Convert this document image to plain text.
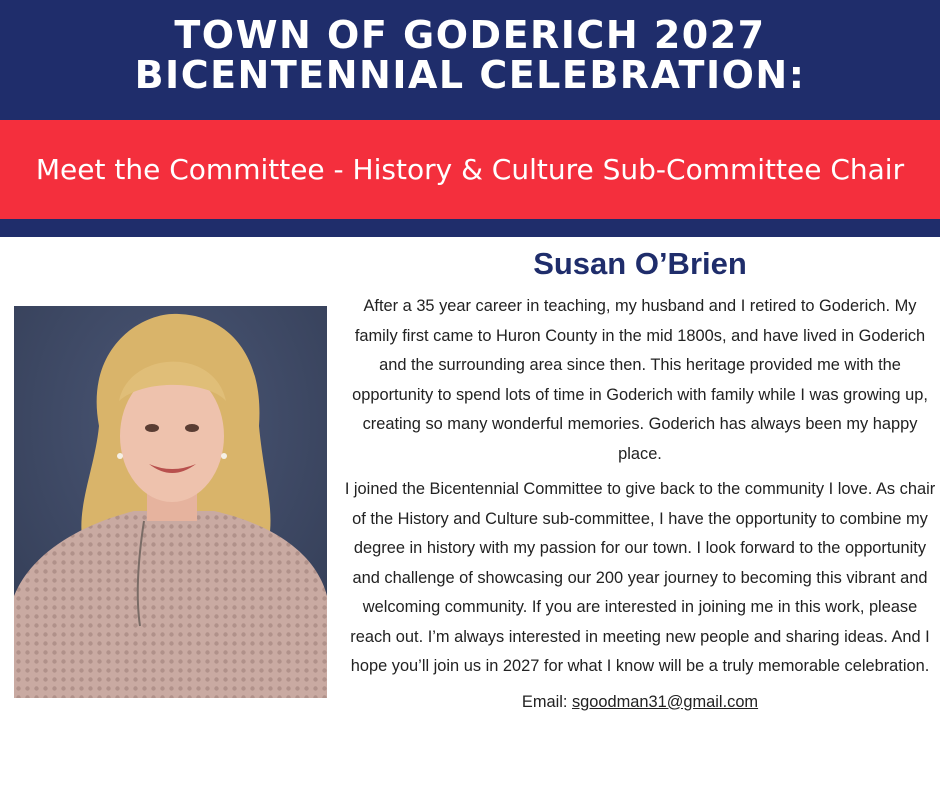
TOWN OF GODERICH 2027
BICENTENNIAL CELEBRATION:
Meet the Committee - History & Culture Sub-Committee Chair
Susan O’Brien

After a 35 year career in teaching, my husband and I retired to Goderich. My family first came to Huron County in the mid 1800s, and have lived in Goderich and the surrounding area since then. This heritage provided me with the opportunity to spend lots of time in Goderich with family while I was growing up, creating so many wonderful memories. Goderich has always been my happy place.

I joined the Bicentennial Committee to give back to the community I love. As chair of the History and Culture sub-committee, I have the opportunity to combine my degree in history with my passion for our town. I look forward to the opportunity and challenge of showcasing our 200 year journey to becoming this vibrant and welcoming community. If you are interested in joining me in this work, please reach out. I’m always interested in meeting new people and sharing ideas. And I hope you’ll join us in 2027 for what I know will be a truly memorable celebration.

Email: sgoodman31@gmail.com
